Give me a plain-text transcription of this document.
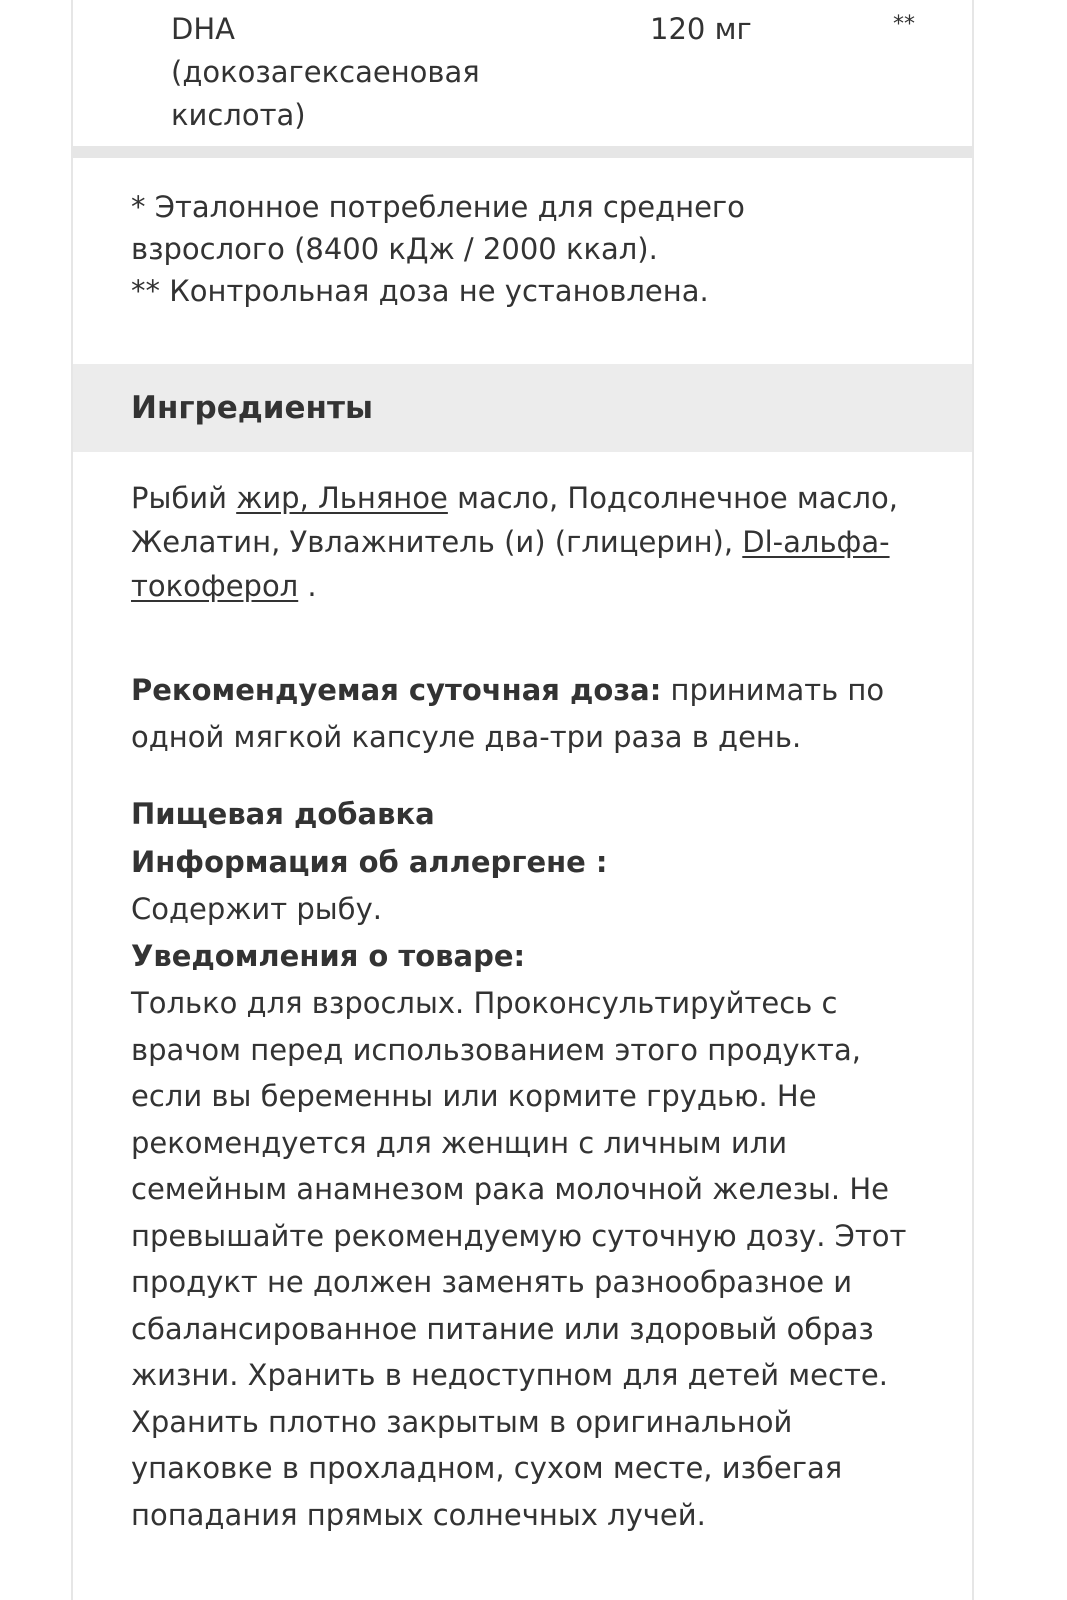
DHA
(докозагексаеновая
кислота)
120 мг	**

* Эталонное потребление для среднего

взрослого (8400 кДж / 2000 ккал).

** Контрольная доза не установлена.

Ингредиенты

Рыбий жир, Льняное масло, Подсолнечное масло, Желатин, Увлажнитель (и) (глицерин), Dl-альфа-токоферол .

Рекомендуемая суточная доза: принимать по одной мягкой капсуле два-три раза в день.

Пищевая добавка

Информация об аллергене :

Содержит рыбу.

Уведомления о товаре:

Только для взрослых. Проконсультируйтесь с врачом перед использованием этого продукта, если вы беременны или кормите грудью. Не рекомендуется для женщин с личным или семейным анамнезом рака молочной железы. Не превышайте рекомендуемую суточную дозу. Этот продукт не должен заменять разнообразное и сбалансированное питание или здоровый образ жизни. Хранить в недоступном для детей месте. Хранить плотно закрытым в оригинальной упаковке в прохладном, сухом месте, избегая попадания прямых солнечных лучей.
